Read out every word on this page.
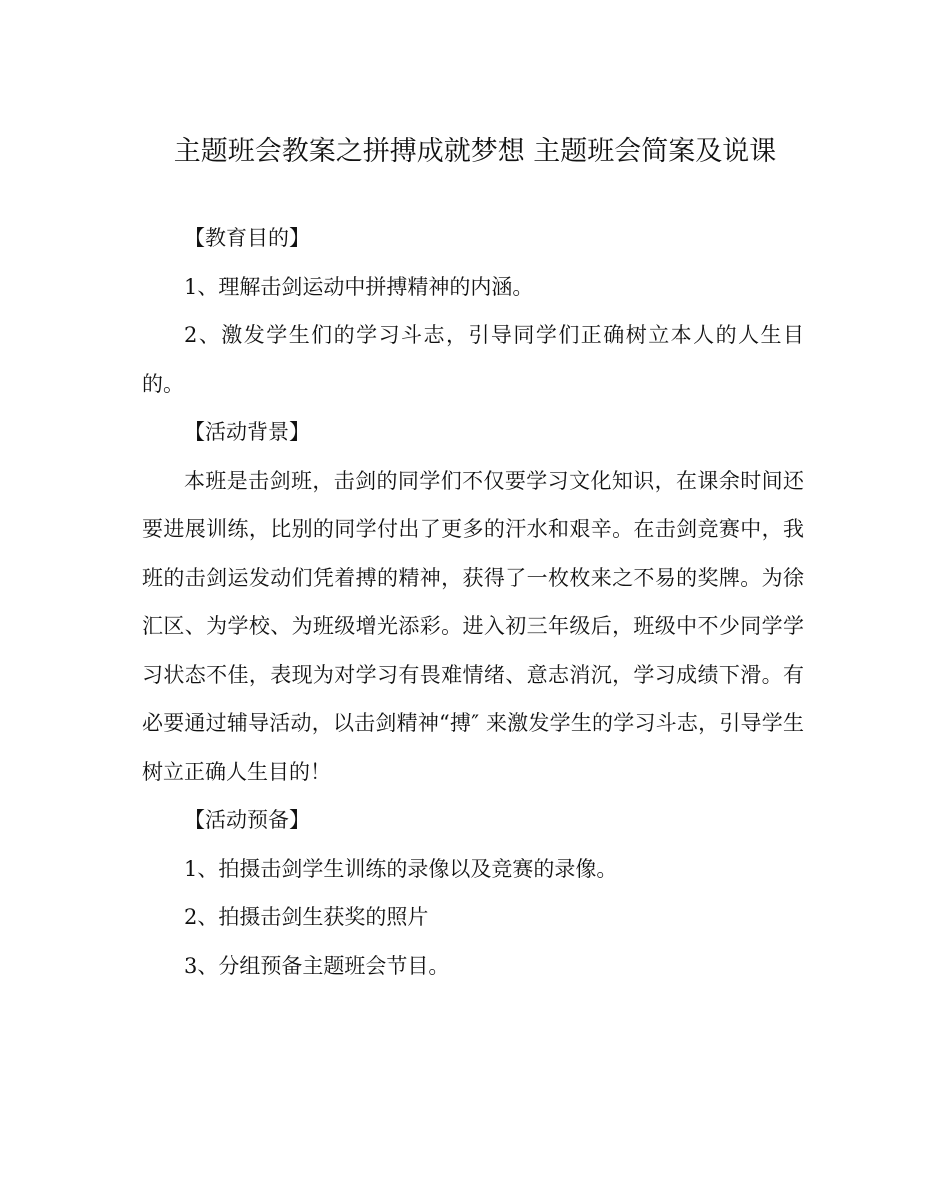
主题班会教案之拼搏成就梦想 主题班会简案及说课

【教育目的】

1、理解击剑运动中拼搏精神的内涵。

2、激发学生们的学习斗志，引导同学们正确树立本人的人生目的。

【活动背景】

本班是击剑班，击剑的同学们不仅要学习文化知识，在课余时间还要进展训练，比别的同学付出了更多的汗水和艰辛。在击剑竞赛中，我班的击剑运发动们凭着搏的精神，获得了一枚枚来之不易的奖牌。为徐汇区、为学校、为班级增光添彩。进入初三年级后，班级中不少同学学习状态不佳，表现为对学习有畏难情绪、意志消沉，学习成绩下滑。有必要通过辅导活动，以击剑精神“搏″ 来激发学生的学习斗志，引导学生树立正确人生目的！

【活动预备】

1、拍摄击剑学生训练的录像以及竞赛的录像。

2、拍摄击剑生获奖的照片

3、分组预备主题班会节目。
